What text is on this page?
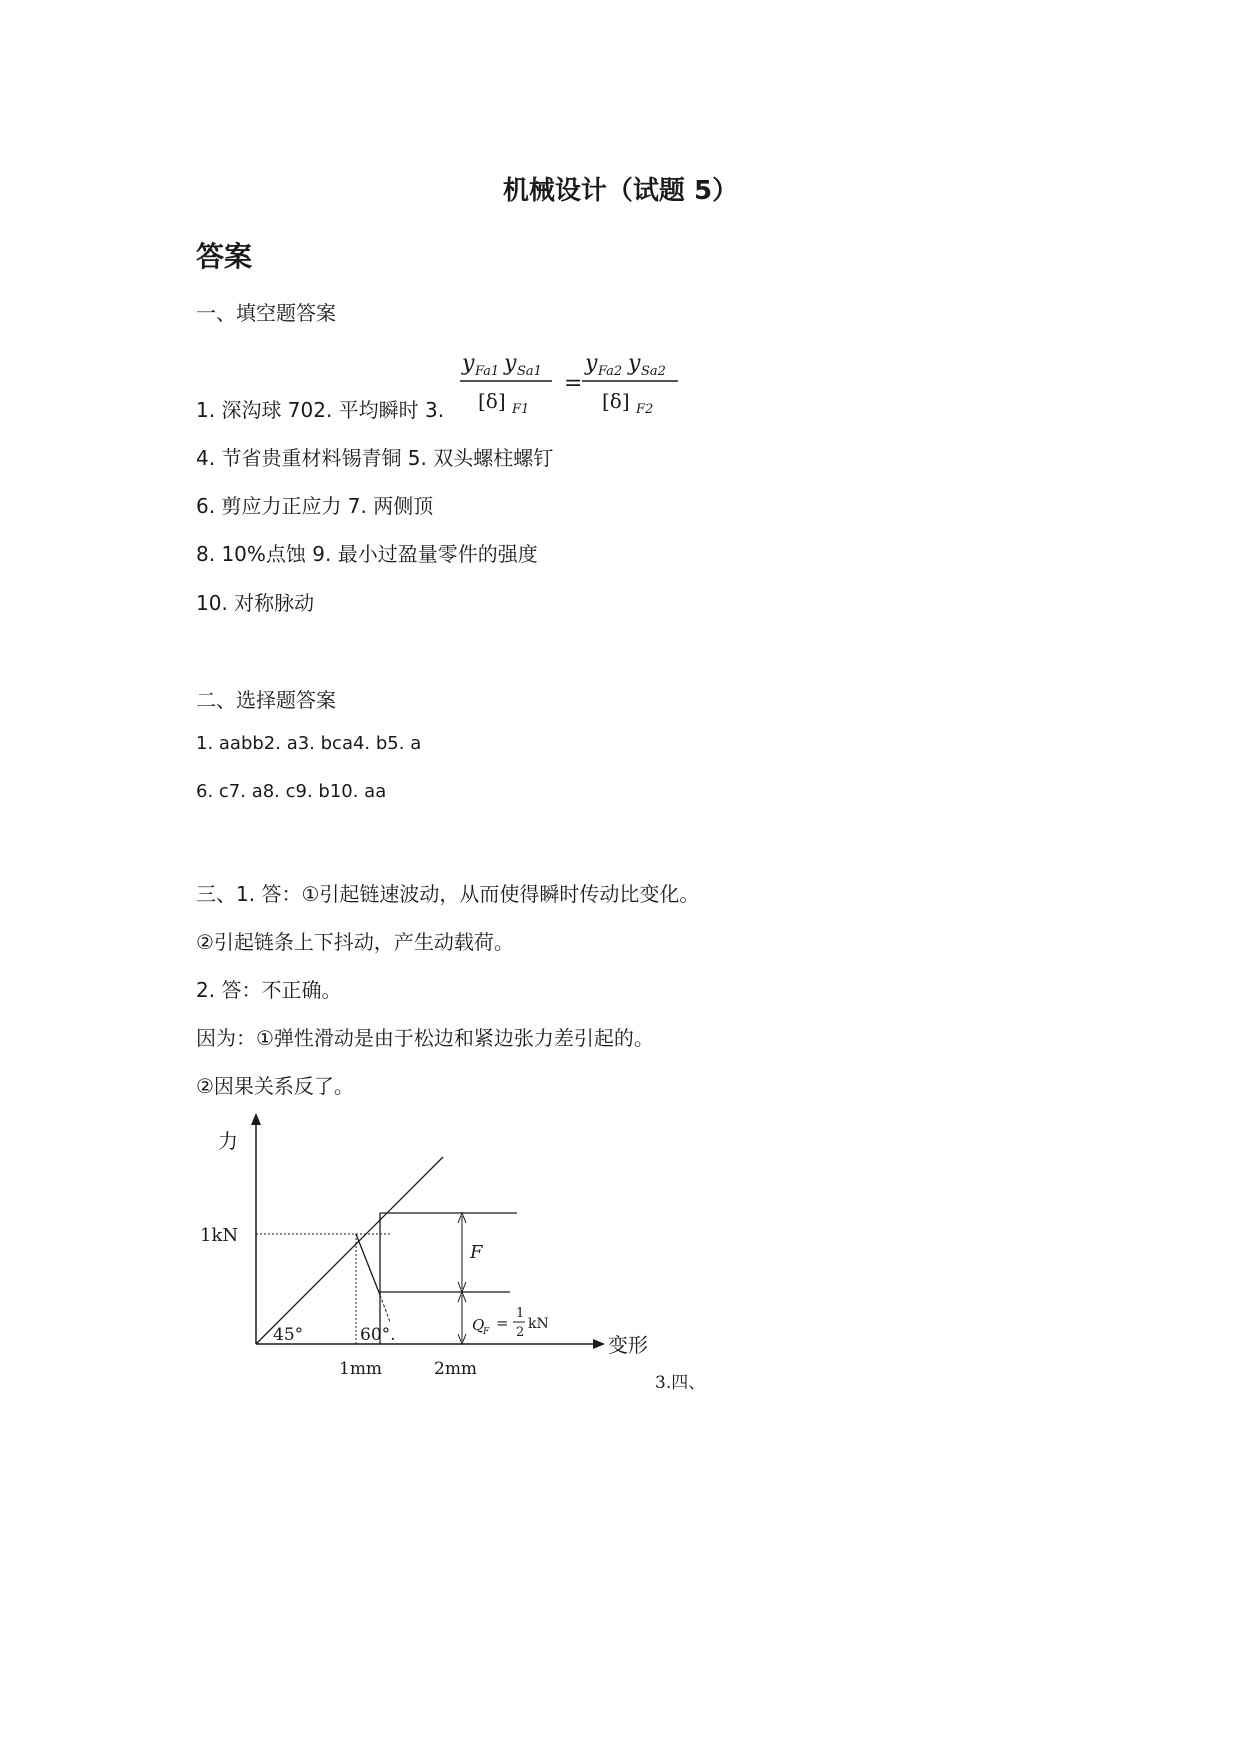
机械设计（试题 5）
答案
一、填空题答案
y Fa1 y Sa1
[δ] F1
=
y Fa2 y Sa2
[δ] F2
1. 深沟球 702. 平均瞬时 3.
4. 节省贵重材料锡青铜 5. 双头螺柱螺钉
6. 剪应力正应力 7. 两侧顶
8. 10%点蚀 9. 最小过盈量零件的强度
10. 对称脉动
二、选择题答案
1. aabb2. a3. bca4. b5. a
6. c7. a8. c9. b10. aa
三、1. 答：①引起链速波动，从而使得瞬时传动比变化。
②引起链条上下抖动，产生动载荷。
2. 答：不正确。
因为：①弹性滑动是由于松边和紧边张力差引起的。
②因果关系反了。
力
1kN
45°	60°.
1mm	2mm
变形
F
Q
F =
1
2
kN
3.四、
